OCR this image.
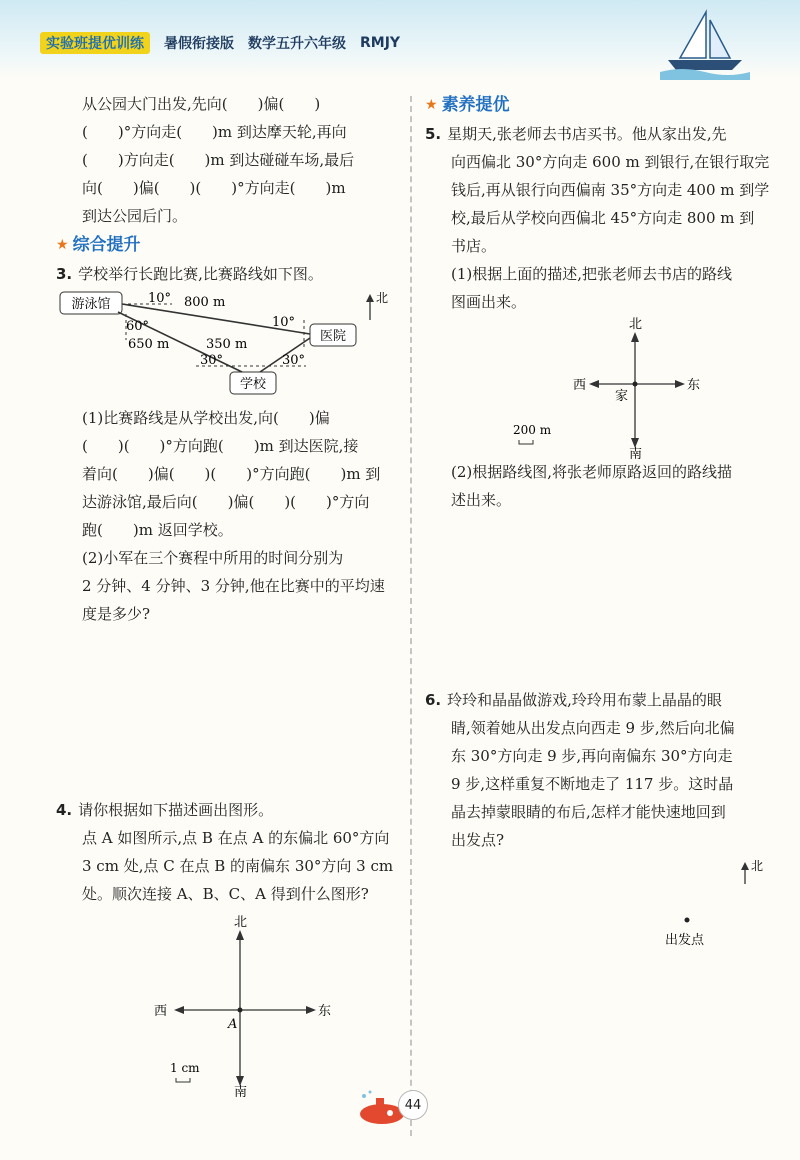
实验班提优训练	暑假衔接版 数学五升六年级 RMJY
从公园大门出发,先向(　　)偏(　　)
(　　)°方向走(　　)m 到达摩天轮,再向
(　　)方向走(　　)m 到达碰碰车场,最后
向(　　)偏(　　)(　　)°方向走(　　)m
到达公园后门。
★ 综合提升
3. 学校举行长跑比赛,比赛路线如下图。
游泳馆
医院
学校
10° 800 m
10°
60°
650 m	350 m
30°	30°
北
(1)比赛路线是从学校出发,向(　　)偏
(　　)(　　)°方向跑(　　)m 到达医院,接
着向(　　)偏(　　)(　　)°方向跑(　　)m 到
达游泳馆,最后向(　　)偏(　　)(　　)°方向
跑(　　)m 返回学校。
(2)小军在三个赛程中所用的时间分别为
2 分钟、4 分钟、3 分钟,他在比赛中的平均速
度是多少?
4. 请你根据如下描述画出图形。
点 A 如图所示,点 B 在点 A 的东偏北 60°方向
3 cm 处,点 C 在点 B 的南偏东 30°方向 3 cm
处。顺次连接 A、B、C、A 得到什么图形?
北
南
东
西
A
1 cm
★ 素养提优
5. 星期天,张老师去书店买书。他从家出发,先
向西偏北 30°方向走 600 m 到银行,在银行取完
钱后,再从银行向西偏南 35°方向走 400 m 到学
校,最后从学校向西偏北 45°方向走 800 m 到
书店。
(1)根据上面的描述,把张老师去书店的路线
图画出来。
北
南
东
西
家
200 m
(2)根据路线图,将张老师原路返回的路线描
述出来。
6. 玲玲和晶晶做游戏,玲玲用布蒙上晶晶的眼
睛,领着她从出发点向西走 9 步,然后向北偏
东 30°方向走 9 步,再向南偏东 30°方向走
9 步,这样重复不断地走了 117 步。这时晶
晶去掉蒙眼睛的布后,怎样才能快速地回到
出发点?
北
出发点
44
